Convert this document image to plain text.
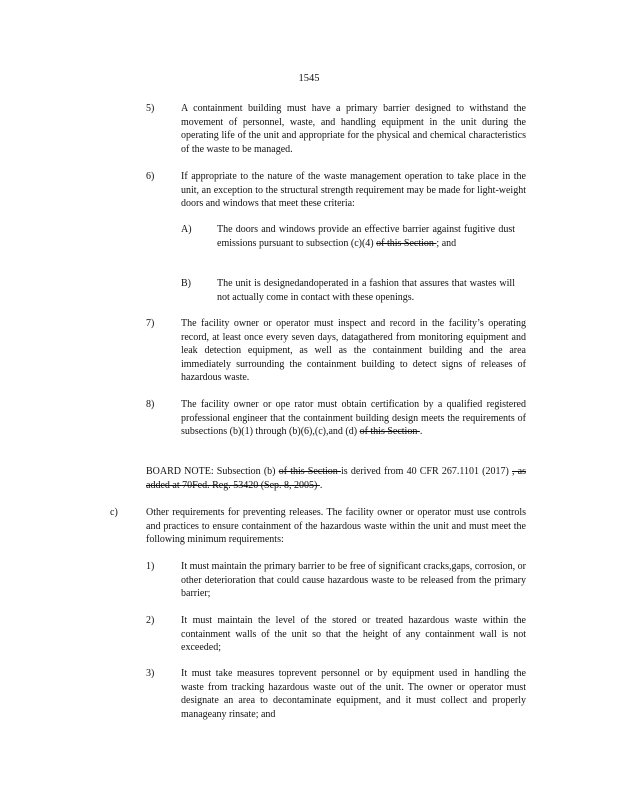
1545
5)	A containment building must have a primary barrier designed to withstand the movement of personnel, waste, and handling equipment in the unit during the operating life of the unit and appropriate for the physical and chemical characteristics of the waste to be managed.
6)	If appropriate to the nature of the waste management operation to take place in the unit, an exception to the structural strength requirement may be made for light-weight doors and windows that meet these criteria:
A)	The doors and windows provide an effective barrier against fugitive dust emissions pursuant to subsection (c)(4) of this Section ; and
B)	The unit is designedandoperated in a fashion that assures that wastes will not actually come in contact with these openings.
7)	The facility owner or operator must inspect and record in the facility’s operating record, at least once every seven days, datagathered from monitoring equipment and leak detection equipment, as well as the containment building and the area immediately surrounding the containment building to detect signs of releases of hazardous waste.
8)	The facility owner or ope rator must obtain certification by a qualified registered professional engineer that the containment building design meets the requirements of subsections (b)(1) through (b)(6),(c),and (d) of this Section .
BOARD NOTE: Subsection (b) of this Section is derived from 40 CFR 267.1101 (2017) , as added at 70Fed. Reg. 53420 (Sep. 8, 2005) .
c)	Other requirements for preventing releases. The facility owner or operator must use controls and practices to ensure containment of the hazardous waste within the unit and must meet the following minimum requirements:
1)	It must maintain the primary barrier to be free of significant cracks,gaps, corrosion, or other deterioration that could cause hazardous waste to be released from the primary barrier;
2)	It must maintain the level of the stored or treated hazardous waste within the containment walls of the unit so that the height of any containment wall is not exceeded;
3)	It must take measures toprevent personnel or by equipment used in handling the waste from tracking hazardous waste out of the unit. The owner or operator must designate an area to decontaminate equipment, and it must collect and properly manageany rinsate; and
